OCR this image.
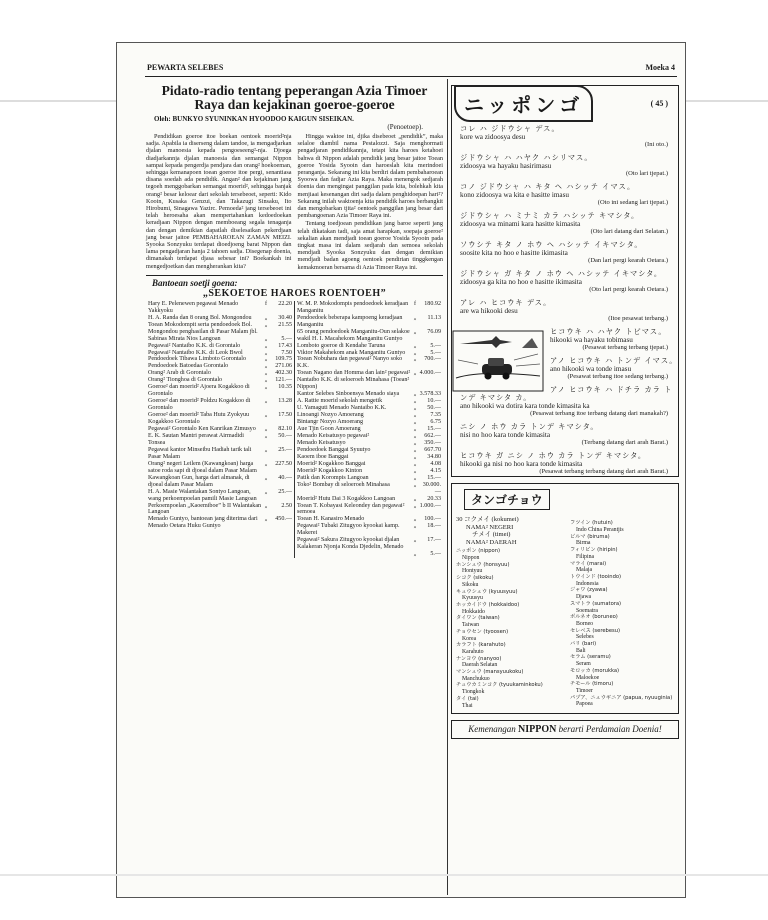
PEWARTA SELEBES	Moeka 4
Pidato-radio tentang peperangan Azia Timoer Raya dan kejakinan goeroe-goeroe
Oleh: BUNKYO SYUNINKAN HYOODOO KAIGUN SISEIKAN.
(Penoetoep).

Pendidikan goeroe itoe boekan oentoek moerid²nja sadja. Apabila ia diserseng dalam tandoe, ia mengadjarkan djalan manoesia kepada pengoeseeng²-nja. Djoega diadjarkannja djalan manoesia dan semangat Nippon sampai kepada pengerdja pendjara dan orang² hoekoeman, sehingga kemanapoen toean goeroe itoe pergi, senantiasa disana soedah ada pendidik. Angan² dan kejakinan jang tegoeh menggobarkan semangat moerid², sehingga banjak orang² besar keloear dari sekolah tersebeoet, seperti: Kido Kooin, Kusaka Genzui, dan Takazugi Sinsaku, Ito Hirobumi, Sinagawa Yazirc. Pemoeda² jang tersebeoet ini telah heroesaha akan mempertahankan kedoedoekan keradjaan Nippon dengan memboeang segala tenaganja dan dengan demikian dapatlah diselesaikan pekerdjaan jang besar jaitoe PEMBAHAROEAN ZAMAN MEIZI. Syooka Sonzyuku terdapat dioedjoeng barat Nippon dan lama pengadjaran hanja 2 tahoen sadja. Disegenap doenia, dimanakah terdapat djasa sebesar ini? Boekankah ini mengedjoetkan dan mengherankan kita?

Hingga waktoe ini, djika disebeoet „pendidik”, maka selaloe diambil nama Pestalozzi. Saja menghormati pengadjaran pendidikannja, tetapi kita haroes ketahoei bahwa di Nippon adalah pendidik jang besar jaitoe Toean goeroe Yosida Syooin dan haroeslah kita merindoei peranganja. Sekarang ini kita berdiri dalam pembaharoean Syoowa dan fadjar Azia Raya. Maka menengok sedjarah doenia dan mengingat panggilan pada kita, bolehkah kita menjiaai kesenangan diri sadja dalam penghidoepan hari²? Sekarang inilah waktoenja kita pendidik haroes berbangkit dan mengobarkan tjita² oentoek panggilan jang besar dari pembangoenan Azia Timoer Raya ini.

Tentang toedjoean pendidikan jang baroe seperti jang telah dikatakan tadi, saja amat harapkan, soepaja goeroe² sekalian akan mendjadi toean goeroe Yosida Syooin pada tingkat masa ini dalam sedjarah dan semoea sekolah mendjadi Syooka Sonzyuku dan dengan demikian mendjadi badan agoeng oentoek pendirian tinggkengan kemakmoeran bersama di Azia Timoer Raya ini.

Bantoean soetji goena:
„SEKOETOE HAROES ROENTOEH”
Hary E. Pelenewen pegawai Menado Yakkyoku
f	22.20
H. A. Randa dan 8 orang Bol. Mongondou	„	30.40
Toean Mokodompit serta pendoedoek Bol. Mongondou penghasilan di Pasar Malam jbl.
„	21.55
Sabinas Mirata Nios Langoan	„	5.—
Pegawai² Nantaibo K.K. di Gorontalo	„	17.43
Pegawai² Nantaibo K.K. di Leok Bwol	„	7.50
Pendoedoek Tibawa Limboto Gorontalo	„	109.75
Pendoedoek Batoedaa Gorontalo	„	271.06
Orang² Arab di Gorontalo	„	402.30
Orang² Tionghoa di Gorontalo	„	121.—
Goeroe² dan moerid² Ajoera Kogakkoo di Gorontalo
„	10.35
Goeroe² dan moerid² Poldzu Kogakkoo di Gorontalo
„	13.28
Goeroe² dan moerid² Taba Hutu Zyokyuu Kogakkoo Gorontalo
„	17.50
Pegawai² Gorontalo Ken Kanrikan Zimusyo	„	82.10
E. K. Sautan Mantri perawat Airmadidi Tonsea
„	50.—
Pegawai kantor Minseibu Hadiah tarik tali Pasar Malam
„	25.—
Orang² negeri Leilem (Kawangkoan) harga satoe roda sapi di djoeal dalam Pasar Malam
„	227.50
Kawangkoan Gun, harga dari almanak, di djoeal dalam Pasar Malam
„	40.—
H. A. Masie Walantakan Sontyo Langoan, wang perkoempoelan pamili Masie Langoan
„	25.—
Perkoempoelan „Kaoemiboe” b II Walantakan Langoan
„	2.50
Menado Guntyo, bantoean jang diterima dari Menado Oetara Huku Guntyo
„	450.—
W. M. P. Mokodompis pendoedoek keradjaan Manganitu
f	180.92
Pendoedoek beberapa kampoeng keradjaan Manganitu
„	11.13
65 orang pendoedoek Manganitu-Oun selakoe wakil H. I. Macahekom Manganitu Guntyo
„	76.09
Lomboto goeroe di Kendahe Taruna	„	5.—
Viktor Makahekom anak Manganitu Guntyo	„	5.—
Toean Nobuhara dan pegawai² Nanyo soko K.K.
„	700.—
Toean Nagano dan Homma dan lain² pegawai² Nantaibo K.K. di seloeroeh Minahasa (Toean² Nippon)
„ 4.000.—
Kantor Selebes Sinboensya Menado siaya	„ 3.578.33
A. Rattie moerid sekolah mengetik	„	10.—
U. Yamaguti Menado Nantaibo K.K.	„	50.—
Linoangi Nozyo Amoerang	„	7.35
Bintangr Nozyo Amoerang	„	6.75
Aue Tjin Goon Amoerang	„	15.—
Menado Keisatusyo pegawai²	„	662.—
Menado Keisatusyo	„	350.—
Pendoedoek Banggai Syuutyo	„	667.70
Kaoem iboe Banggai	„	34.80
Moerid² Kogakkoo Banggai	„	4.08
Moerid² Kogakkoo Kinton	„	4.15
Patik dan Korompis Langoan	„	15.—
Toko² Bombay di seloeroeh Minahasa	„	30.000.—
Moerid² Hutu Dai 3 Kogakkoo Langoan	„	20.33
Toean T. Kobayasi Keleondey dan pegawai² semoea
„ 1.000.—
Toean H. Kanasiro Menado	„	100.—
Pegawai² Tubaki Zitugyoo kyookai kamp. Makerei
„	18.—
Pegawai² Sakura Zitugyoo kyookai djalan Kalakeran Njonja Konda Djedelin, Menado
„	17.—
„	5.—
ニッポンゴ	( 45 )
コレ ハ ジドウシャ デス。
kore wa zidoosya desu
(Ini oto.)
ジドウシャ ハ ハヤク ハシリマス。
zidoosya wa hayaku hasirimasu
(Oto lari tjepat.)
コノ ジドウシャ ハ キタ ヘ ハシッテ イマス。
kono zidoosya wa kita e hasitte imasu
(Oto ini sedang lari tjepat.)
ジドウシャ ハ ミナミ カラ ハシッテ キマシタ。
zidoosya wa minami kara hasitte kimasita
(Oto lari datang dari Selatan.)
ソウシテ キタ ノ ホウ ヘ ハシッテ イキマシタ。
soosite kita no hoo e hasitte ikimasita
(Dan lari pergi kearah Oetara.)
ジドウシャ ガ キタ ノ ホウ ヘ ハシッテ イキマシタ。
zidoosya ga kita no hoo e hasitte ikimasita
(Oto lari pergi kearah Oetara.)
アレ ハ ヒコウキ デス。
are wa hikooki desu
(Itoe pesawat terbang.)
ヒコウキ ハ ハヤク トビマス。
hikooki wa hayaku tobimasu
(Pesawat terbang terbang tjepat.)
アノ ヒコウキ ハ トンデ イマス。
ano hikooki wa tonde imasu
(Pesawat terbang itoe sedang terbang.)
アノ ヒコウキ ハ ドチラ カラ トンデ キマシタ カ。
ano hikooki wa dotira kara tonde kimasita ka
(Pesawat terbang itoe terbang datang dari manakah?)
ニシ ノ ホウ カラ トンデ キマシタ。
nisi no hoo kara tonde kimasita
(Terbang datang dari arah Barat.)
ヒコウキ ガ ニシ ノ ホウ カラ トンデ キマシタ。
hikooki ga nisi no hoo kara tonde kimasita
(Pesawat terbang terbang datang dari arah Barat.)
タンゴチョウ
30 コクメイ (kokumei)
NAMA² NEGERI
チメイ (timei)
NAMA² DAERAH
ニッポン (nippon)
Nippon
ホンシュウ (honsyuu)
Hontyuu
シコク (sikoku)
Sikoku
キュウシュウ (kyuusyuu)
Kyuusyu
ホッカイドウ (hokkaidoo)
Hokkaido
タイワン (taiwan)
Taiwan
チョウセン (tyoosen)
Korea
カラフト (karahuto)
Karahuto
ナンヨウ (nanyoo)
Daerah Selatan
マンシュウ (mansyuukoku)
Manchukuo
チュウカミンコク (tyuukaminkoku)
Tiongkok
タイ (tai)
Thai
フツイン (hutuin)
Indo China Perantjis
ビルマ (biruma)
Birma
フィリピン (hiripin)
Filipina
マライ (marai)
Malaja
トウインド (tooindo)
Indonesia
ジャワ (zyawa)
Djawa
スマトラ (sumatora)
Soematra
ボルネオ (boruneo)
Borneo
セレベス (serebesu)
Selebes
バリ (bari)
Bali
セラム (seramu)
Seram
モロッカ (morukka)
Maloekoe
チモール (timoru)
Timoer
パプア、ニュウギニア (papua, nyuuginia)
Papoea
Kemenangan NIPPON berarti Perdamaian Doenia!
